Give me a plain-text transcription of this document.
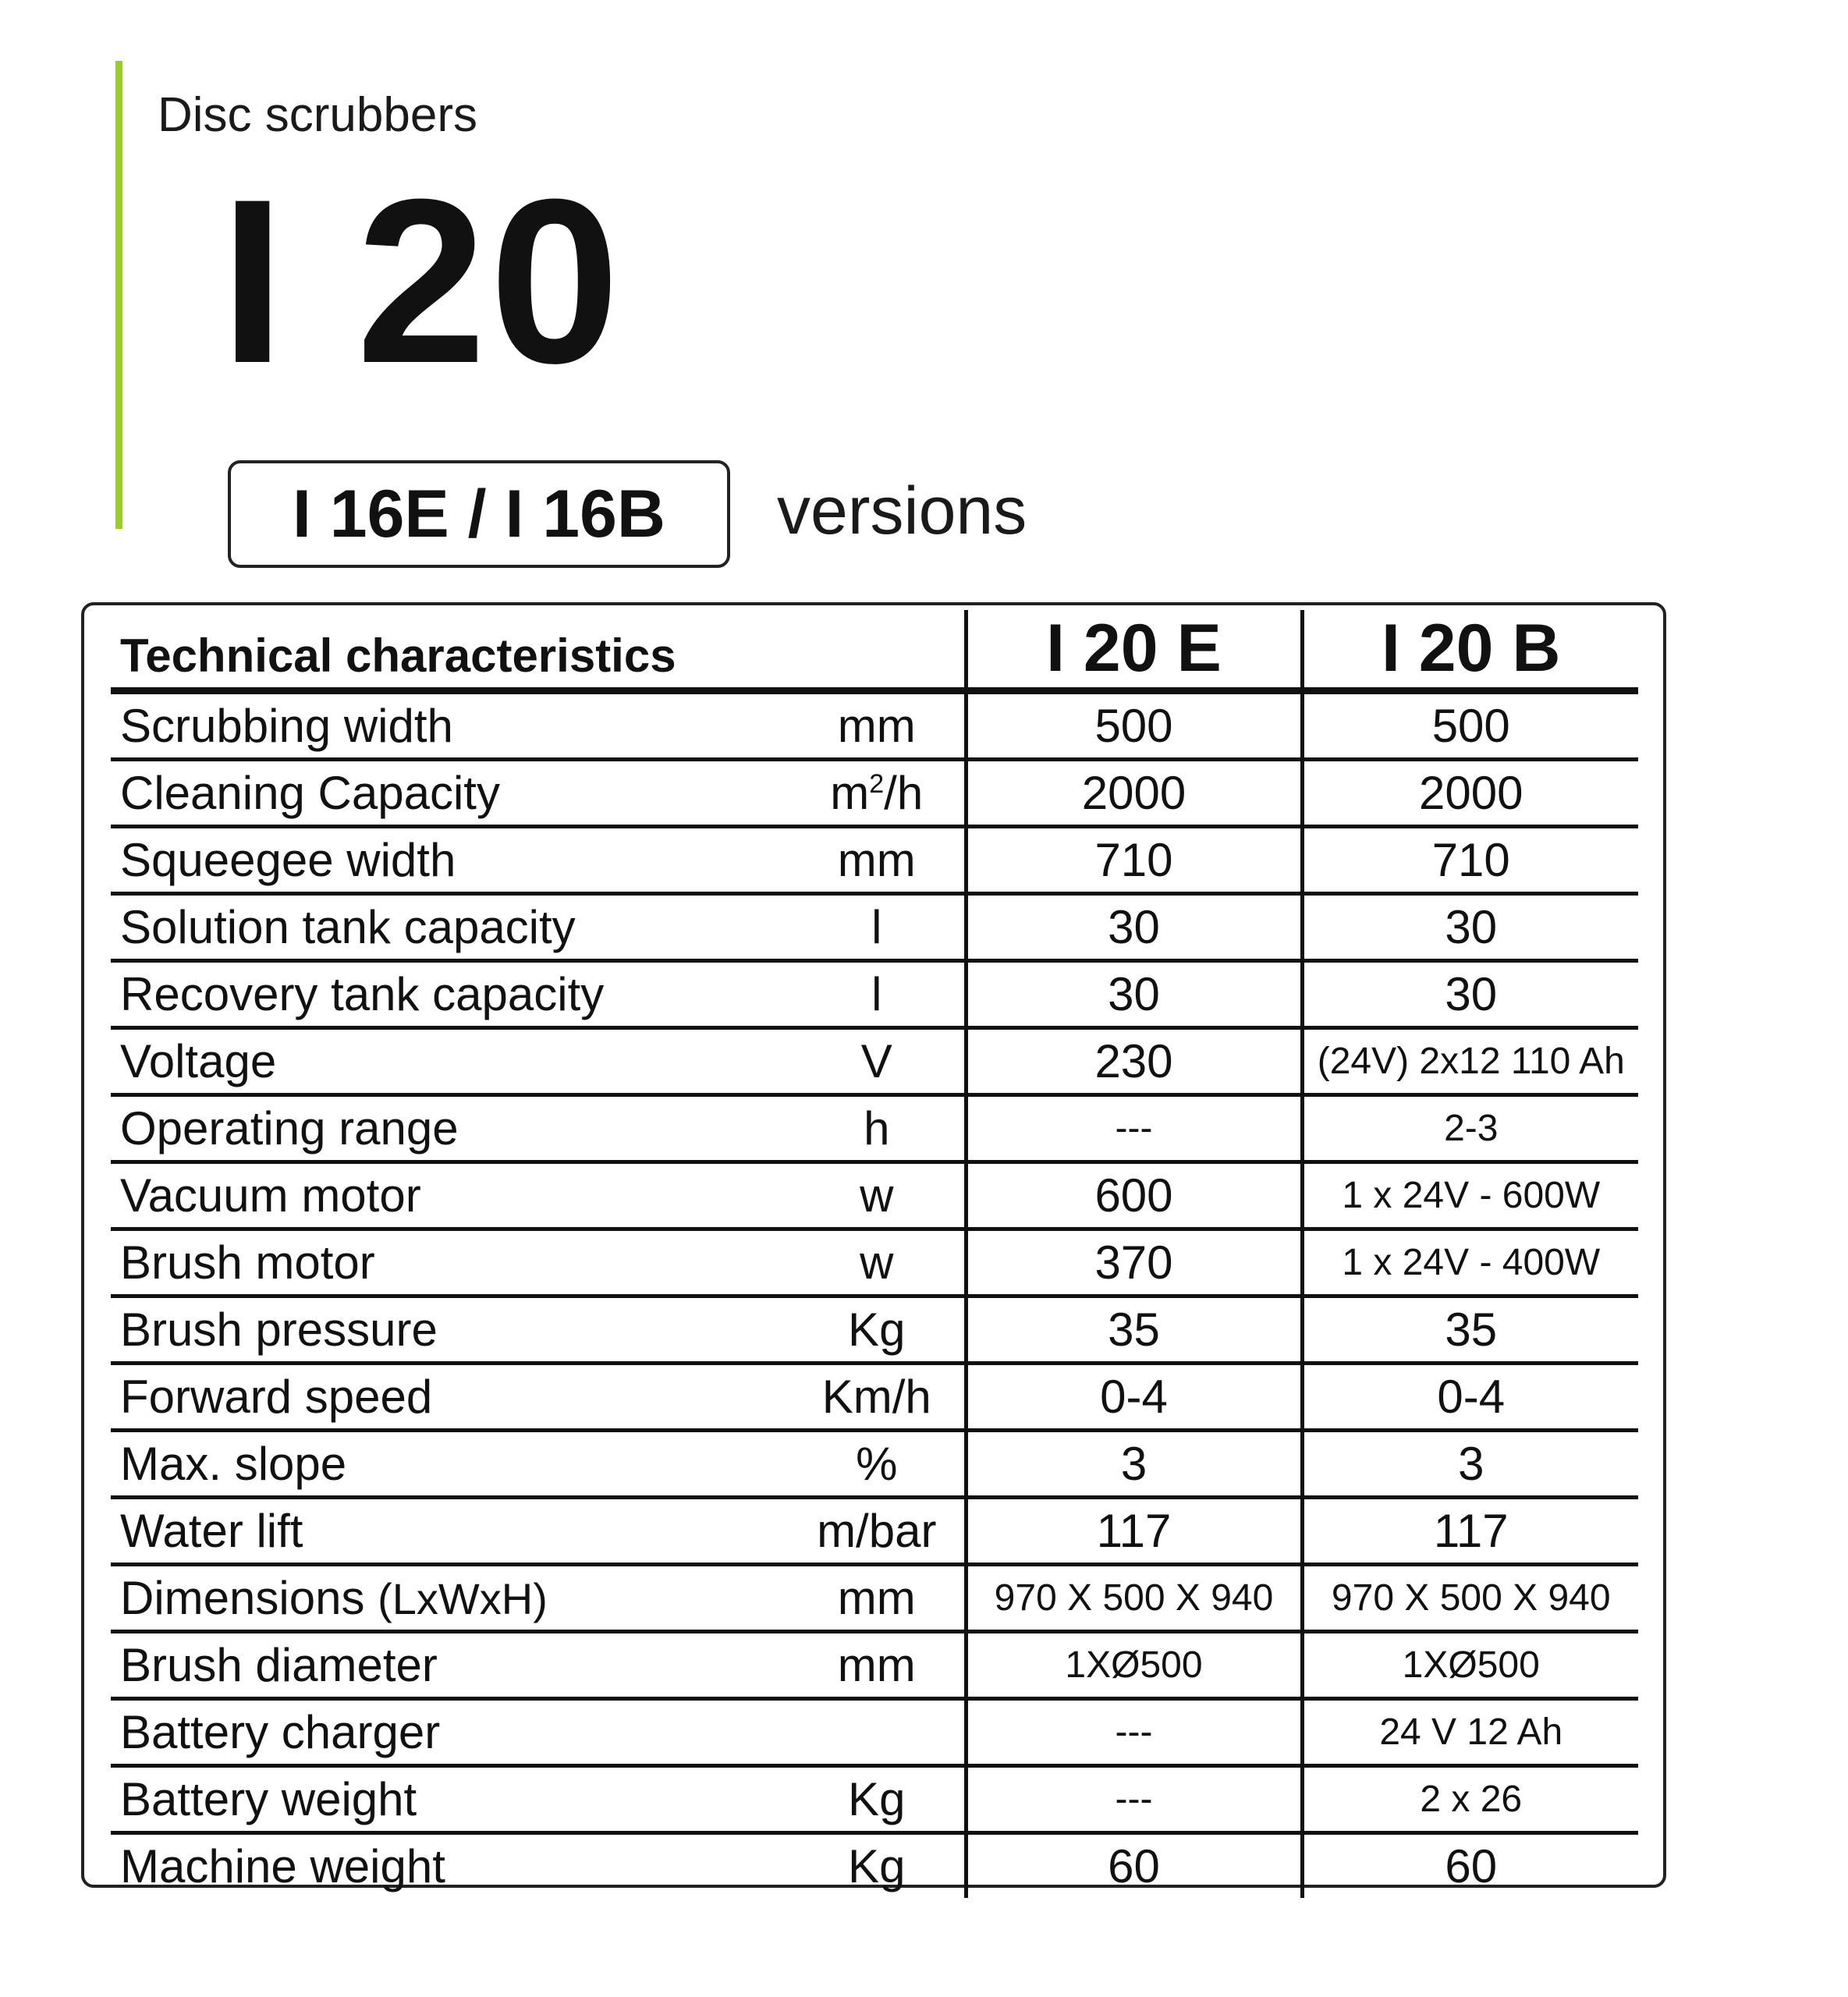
Disc scrubbers
I 20
I 16E / I 16B	versions
Technical characteristics		I 20 E	I 20 B
Scrubbing width	mm	500	500
Cleaning Capacity	$m^2/h$	2000	2000
Squeegee width	mm	710	710
Solution tank capacity	l	30	30
Recovery tank capacity	l	30	30
Voltage	V	230	(24V) 2x12 110 Ah
Operating range	h	---	2-3
Vacuum motor	w	600	1 x 24V - 600W
Brush motor	w	370	1 x 24V - 400W
Brush pressure	Kg	35	35
Forward speed	Km/h	0-4	0-4
Max. slope	%	3	3
Water lift	m/bar	117	117
Dimensions (LxWxH)	mm	970 X 500 X 940	970 X 500 X 940
Brush diameter	mm	1XØ500	1XØ500
Battery charger		---	24 V 12 Ah
Battery weight	Kg	---	2 x 26
Machine weight	Kg	60	60
